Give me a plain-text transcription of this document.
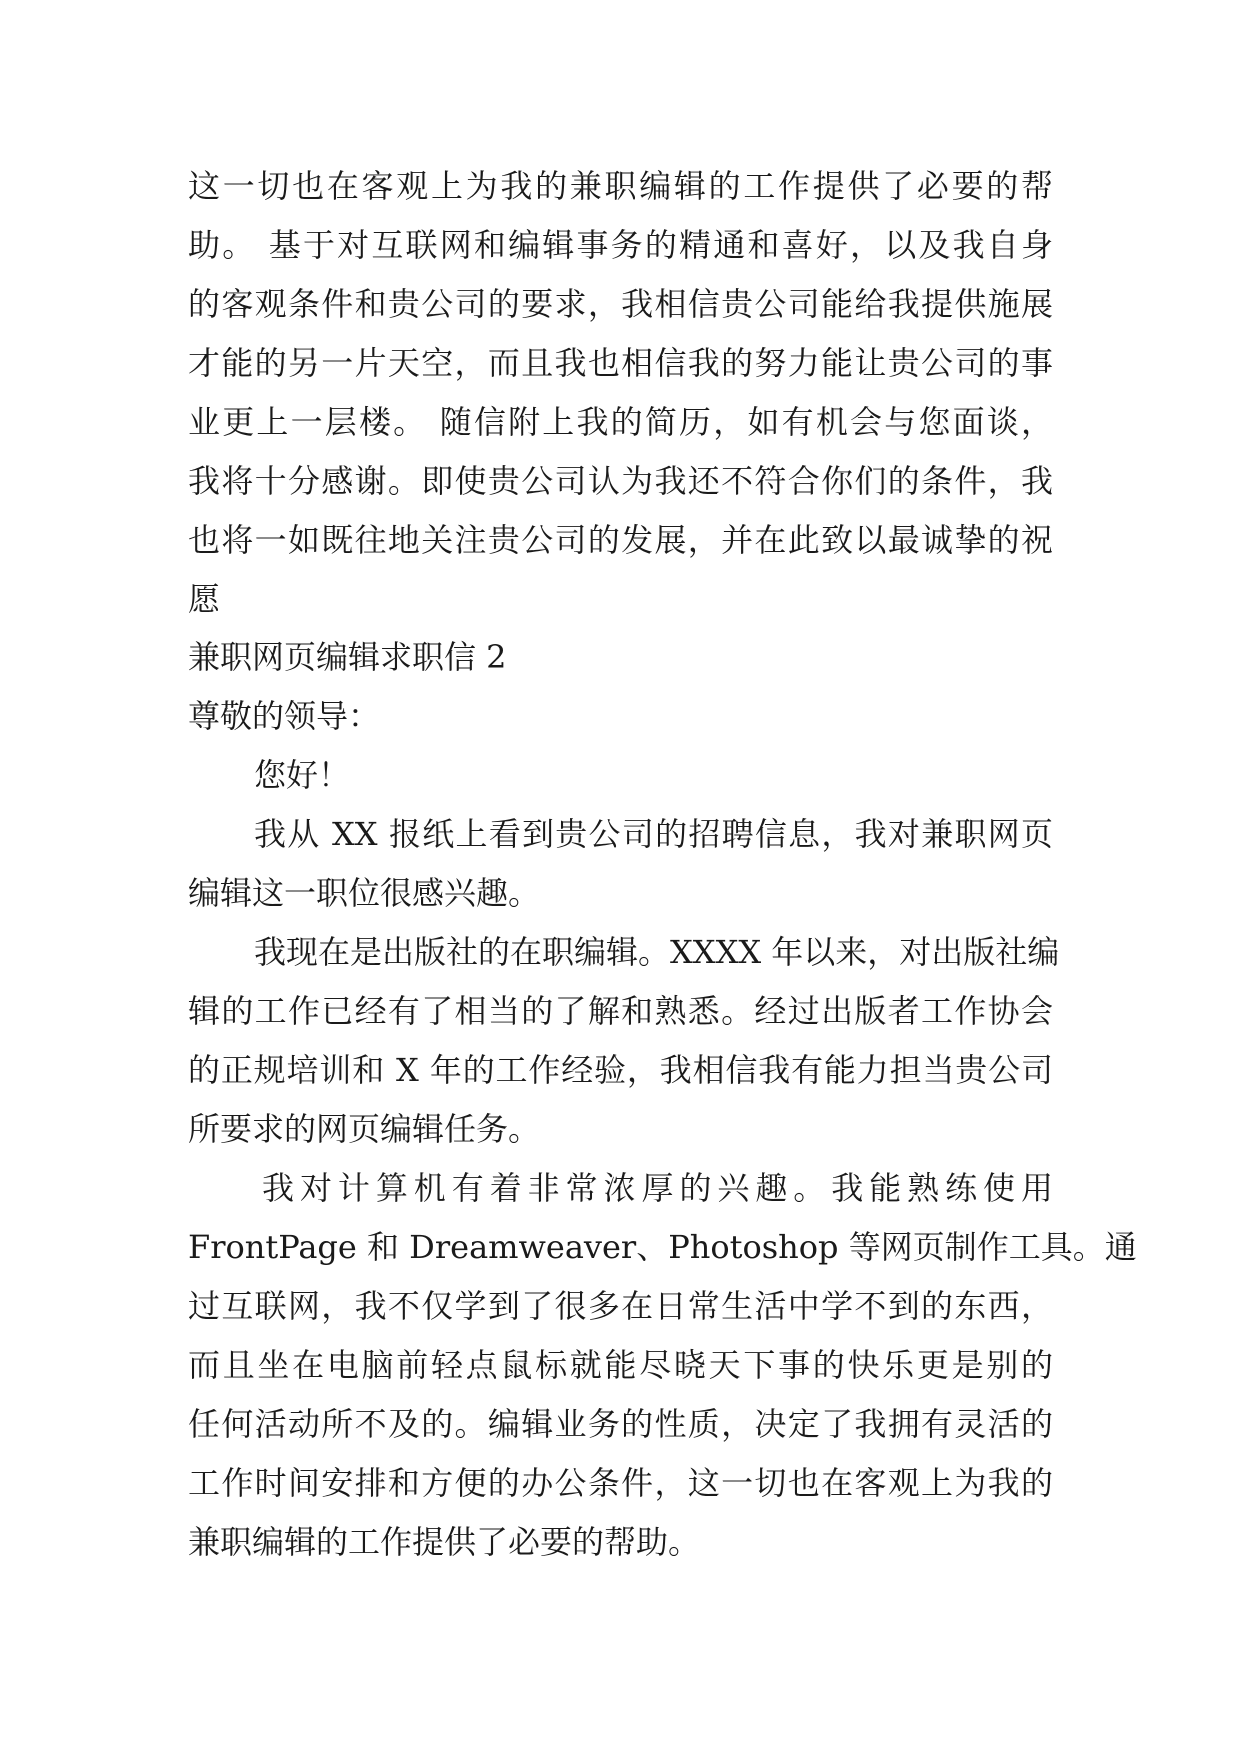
这一切也在客观上为我的兼职编辑的工作提供了必要的帮
助。 基于对互联网和编辑事务的精通和喜好，以及我自身
的客观条件和贵公司的要求，我相信贵公司能给我提供施展
才能的另一片天空，而且我也相信我的努力能让贵公司的事
业更上一层楼。 随信附上我的简历，如有机会与您面谈，
我将十分感谢。即使贵公司认为我还不符合你们的条件，我
也将一如既往地关注贵公司的发展，并在此致以最诚挚的祝
愿
兼职网页编辑求职信 2
尊敬的领导：
您好！
我从 XX 报纸上看到贵公司的招聘信息，我对兼职网页
编辑这一职位很感兴趣。
我现在是出版社的在职编辑。XXXX 年以来，对出版社编
辑的工作已经有了相当的了解和熟悉。经过出版者工作协会
的正规培训和 X 年的工作经验，我相信我有能力担当贵公司
所要求的网页编辑任务。
我对计算机有着非常浓厚的兴趣。我能熟练使用
FrontPage 和 Dreamweaver、Photoshop 等网页制作工具。通
过互联网，我不仅学到了很多在日常生活中学不到的东西，
而且坐在电脑前轻点鼠标就能尽晓天下事的快乐更是别的
任何活动所不及的。编辑业务的性质，决定了我拥有灵活的
工作时间安排和方便的办公条件，这一切也在客观上为我的
兼职编辑的工作提供了必要的帮助。
